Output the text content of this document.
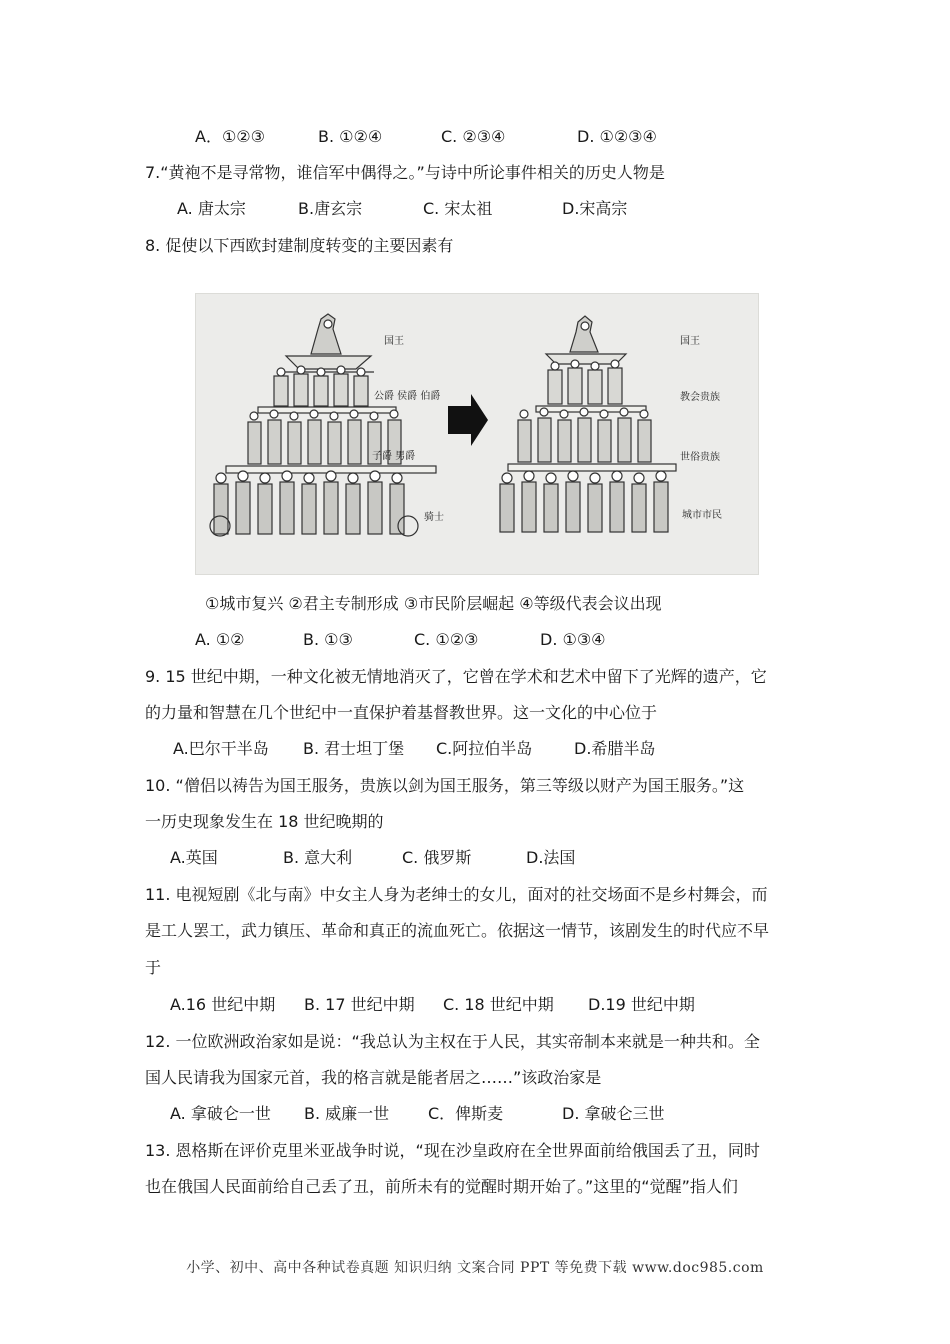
A．①②③	B. ①②④	C. ②③④	D. ①②③④
7.“黄袍不是寻常物，谁信军中偶得之。”与诗中所论事件相关的历史人物是
A. 唐太宗	B.唐玄宗	C. 宋太祖	D.宋高宗
8. 促使以下西欧封建制度转变的主要因素有
国王
公爵 侯爵 伯爵
子爵 男爵
骑士
国王
教会贵族
世俗贵族
城市市民
①城市复兴 ②君主专制形成 ③市民阶层崛起 ④等级代表会议出现
A. ①②	B. ①③	C. ①②③	D. ①③④
9. 15 世纪中期，一种文化被无情地消灭了，它曾在学术和艺术中留下了光辉的遗产，它
的力量和智慧在几个世纪中一直保护着基督教世界。这一文化的中心位于
A.巴尔干半岛 B. 君士坦丁堡 C.阿拉伯半岛	D.希腊半岛
10. “僧侣以祷告为国王服务，贵族以剑为国王服务，第三等级以财产为国王服务。”这
一历史现象发生在 18 世纪晚期的
A.英国	B. 意大利	C. 俄罗斯	D.法国
11. 电视短剧《北与南》中女主人身为老绅士的女儿，面对的社交场面不是乡村舞会，而
是工人罢工，武力镇压、革命和真正的流血死亡。依据这一情节，该剧发生的时代应不早
于
A.16 世纪中期 B. 17 世纪中期 C. 18 世纪中期 D.19 世纪中期
12. 一位欧洲政治家如是说：“我总认为主权在于人民，其实帝制本来就是一种共和。全
国人民请我为国家元首，我的格言就是能者居之……”该政治家是
A. 拿破仑一世 B. 威廉一世 C．俾斯麦	D. 拿破仑三世
13. 恩格斯在评价克里米亚战争时说，“现在沙皇政府在全世界面前给俄国丢了丑，同时
也在俄国人民面前给自己丢了丑，前所未有的觉醒时期开始了。”这里的“觉醒”指人们
小学、初中、高中各种试卷真题 知识归纳 文案合同 PPT 等免费下载 www.doc985.com
